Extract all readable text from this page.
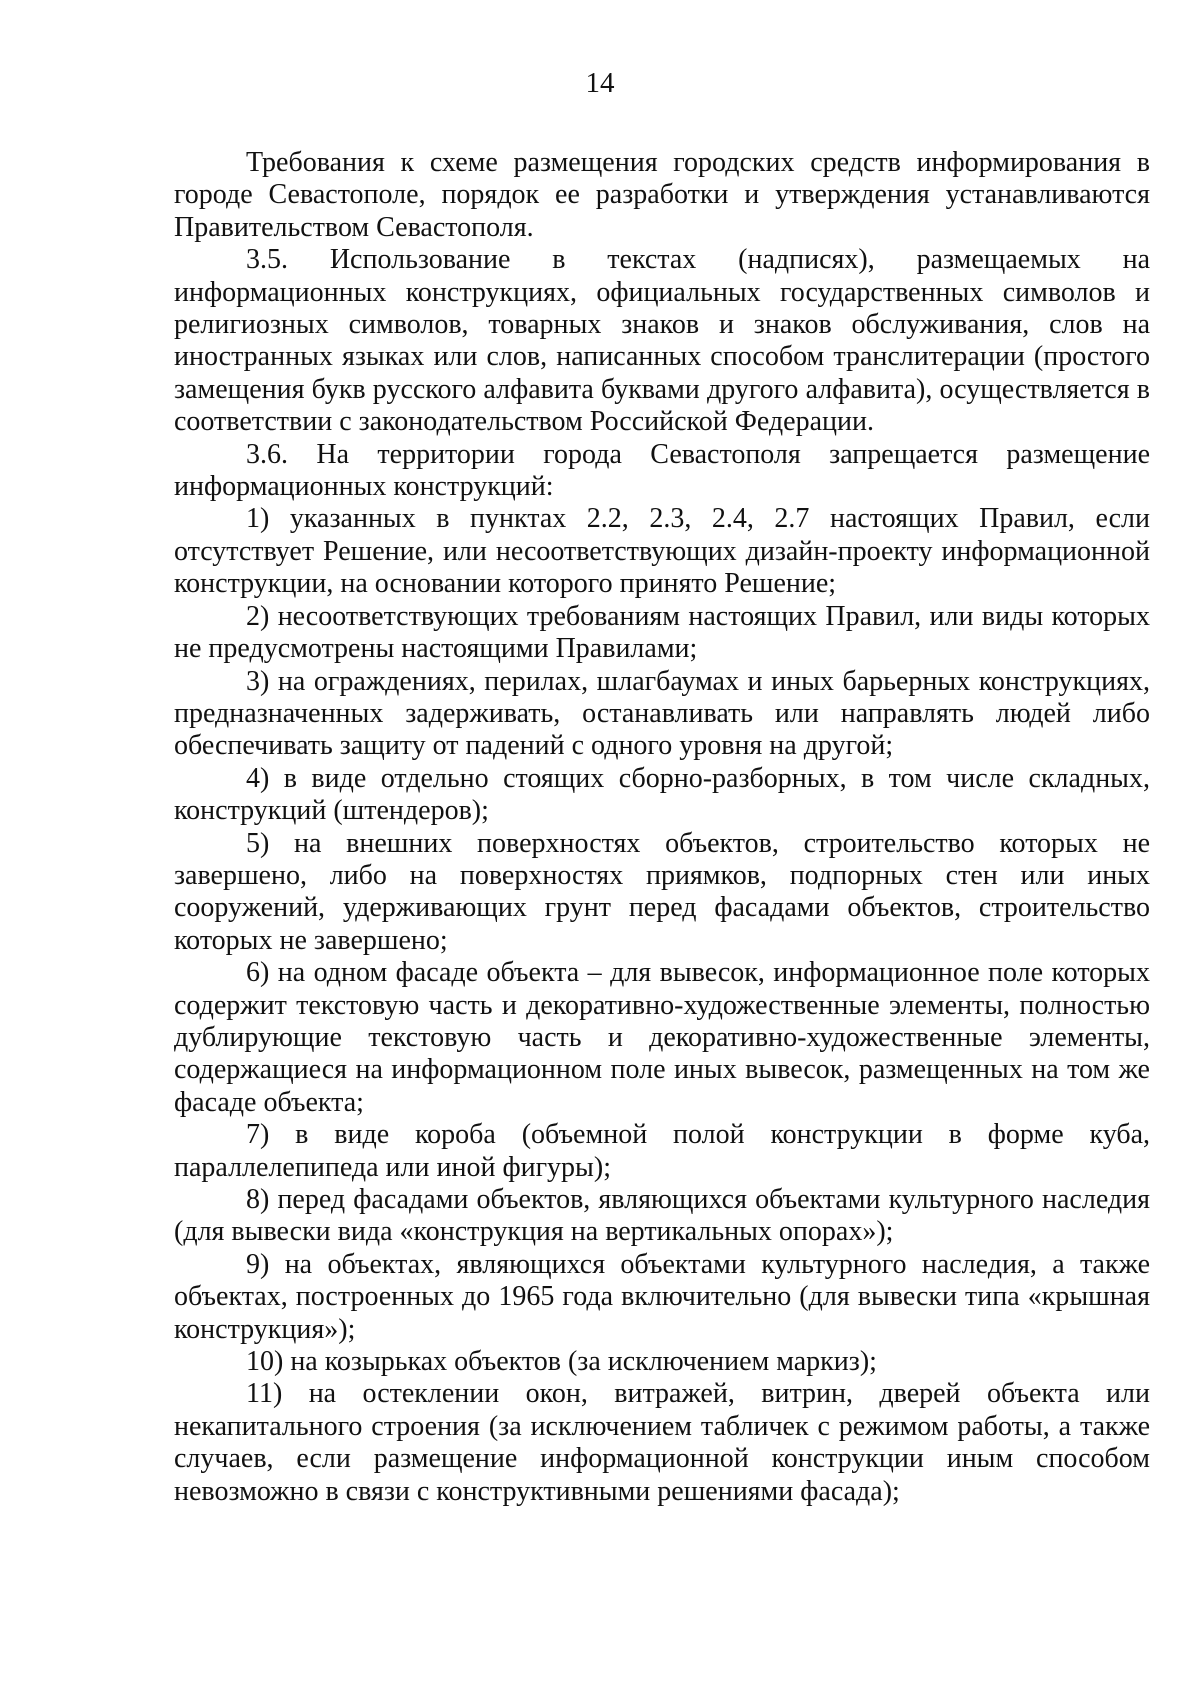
14

Требования к схеме размещения городских средств информирования в городе Севастополе, порядок ее разработки и утверждения устанавливаются Правительством Севастополя.

3.5. Использование в текстах (надписях), размещаемых на информационных конструкциях, официальных государственных символов и религиозных символов, товарных знаков и знаков обслуживания, слов на иностранных языках или слов, написанных способом транслитерации (простого замещения букв русского алфавита буквами другого алфавита), осуществляется в соответствии с законодательством Российской Федерации.

3.6. На территории города Севастополя запрещается размещение информационных конструкций:

1) указанных в пунктах 2.2, 2.3, 2.4, 2.7 настоящих Правил, если отсутствует Решение, или несоответствующих дизайн-проекту информационной конструкции, на основании которого принято Решение;

2) несоответствующих требованиям настоящих Правил, или виды которых не предусмотрены настоящими Правилами;

3) на ограждениях, перилах, шлагбаумах и иных барьерных конструкциях, предназначенных задерживать, останавливать или направлять людей либо обеспечивать защиту от падений с одного уровня на другой;

4) в виде отдельно стоящих сборно-разборных, в том числе складных, конструкций (штендеров);

5) на внешних поверхностях объектов, строительство которых не завершено, либо на поверхностях приямков, подпорных стен или иных сооружений, удерживающих грунт перед фасадами объектов, строительство которых не завершено;

6) на одном фасаде объекта – для вывесок, информационное поле которых содержит текстовую часть и декоративно-художественные элементы, полностью дублирующие текстовую часть и декоративно-художественные элементы, содержащиеся на информационном поле иных вывесок, размещенных на том же фасаде объекта;

7) в виде короба (объемной полой конструкции в форме куба, параллелепипеда или иной фигуры);

8) перед фасадами объектов, являющихся объектами культурного наследия (для вывески вида «конструкция на вертикальных опорах»);

9) на объектах, являющихся объектами культурного наследия, а также объектах, построенных до 1965 года включительно (для вывески типа «крышная конструкция»);

10) на козырьках объектов (за исключением маркиз);

11) на остеклении окон, витражей, витрин, дверей объекта или некапитального строения (за исключением табличек с режимом работы, а также случаев, если размещение информационной конструкции иным способом невозможно в связи с конструктивными решениями фасада);
